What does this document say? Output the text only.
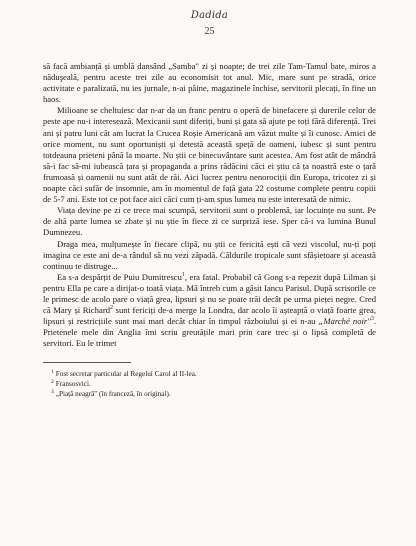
Dadida
25

să facă ambianță și umblă dansând „Samba" zi și noapte; de trei zile Tam-Tamul bate, miros a năduşeală, pentru aceste trei zile au economisit tot anul. Mic, mare sunt pe stradă, orice activitate e paralizată, nu ies jurnale, n-ai pâine, magazinele închise, servitorii plecați, în fine un haos.

Milioane se cheltuiesc dar n-ar da un franc pentru o operă de binefacere și durerile celor de peste ape nu-i interesează. Mexicanii sunt diferiți, buni și gata să ajute pe toți fără diferență. Trei ani și patru luni cât am lucrat la Crucea Roșie Americană am văzut multe și îi cunosc. Amici de orice moment, nu sunt oportuniști și detestă această speță de oameni, iubesc și sunt pentru totdeauna prieteni până la moarte. Nu știi ce binecuvântare sunt acestea. Am fost atât de mândră să-i fac să-mi iubească țara și propaganda a prins rădăcini căci ei știu că ța noastră este o țară frumoasă și oamenii nu sunt atât de răi. Aici lucrez pentru nenorociții din Europa, tricotez zi și noapte căci sufăr de insomnie, am în momentul de față gata 22 costume complete pentru copiii de 5-7 ani. Este tot ce pot face aici căci cum ți-am spus lumea nu este interesată de nimic.

Viața devine pe zi ce trece mai scumpă, servitorii sunt o problemă, iar locuințe nu sunt. Pe de altă parte lumea se zbate și nu știe în fiece zi ce surpriză iese. Sper că-i va lumina Bunul Dumnezeu.

Draga mea, mulțumește în fiecare clipă, nu știi ce fericită ești că vezi viscolul, nu-ți poți imagina ce este ani de-a rândul să nu vezi zăpadă. Căldurile tropicale sunt sfâșietoare și această continuu te distruge...

Ea s-a despărțit de Puiu Dumitrescu$^1$, era fatal. Probabil că Gong s-a repezit după Lilman și pentru Ella pe care a dirijat-o toată viața. Mă întreb cum a găsit Iancu Parisul. După scrisorile ce le primesc de acolo pare o viață grea, lipsuri și nu se poate trăi decât pe urma pieței negre. Cred că Mary și Richard$^2$ sunt fericiți de-a merge la Londra, dar acolo îi așteaptă o viață foarte grea, lipsuri și restricțiile sunt mai mari decât chiar în timpul războiului și ei n-au „Marché noir"$^3$. Prietenele mele din Anglia îmi scriu greutățile mari prin care trec și o lipsă completă de servitori. Eu le trimet

$^1$ Fost secretar particular al Regelui Carol al II-lea.
$^2$ Fransosvici.
$^3$ „Piață neagră" (în franceză, în original).
